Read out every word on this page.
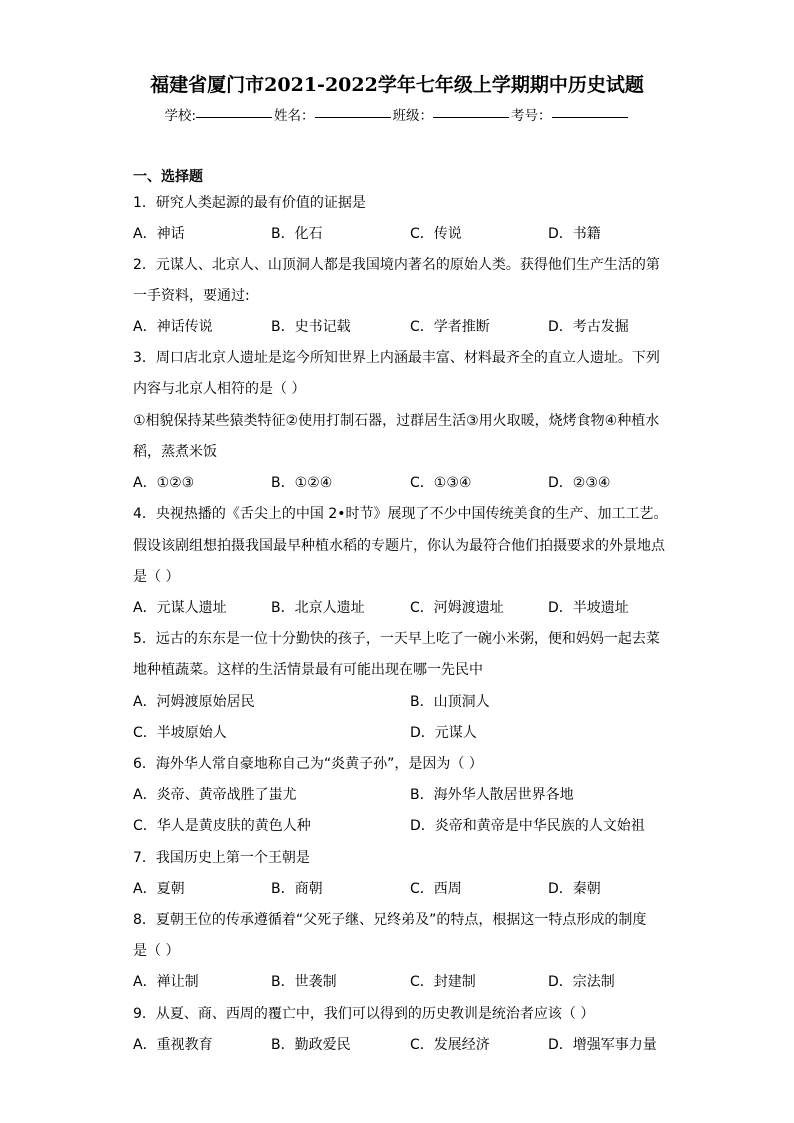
福建省厦门市2021-2022学年七年级上学期期中历史试题
学校:	姓名：	班级：	考号：
一、选择题
1．研究人类起源的最有价值的证据是
A．神话	B．化石	C．传说	D．书籍
2．元谋人、北京人、山顶洞人都是我国境内著名的原始人类。获得他们生产生活的第
一手资料，要通过:
A．神话传说	B．史书记载	C．学者推断	D．考古发掘
3．周口店北京人遗址是迄今所知世界上内涵最丰富、材料最齐全的直立人遗址。下列
内容与北京人相符的是（ ）
①相貌保持某些猿类特征②使用打制石器，过群居生活③用火取暖，烧烤食物④种植水
稻，蒸煮米饭
A．①②③	B．①②④	C．①③④	D．②③④
4．央视热播的《舌尖上的中国 2•时节》展现了不少中国传统美食的生产、加工工艺。
假设该剧组想拍摄我国最早种植水稻的专题片，你认为最符合他们拍摄要求的外景地点
是（ ）
A．元谋人遗址	B．北京人遗址	C．河姆渡遗址	D．半坡遗址
5．远古的东东是一位十分勤快的孩子，一天早上吃了一碗小米粥，便和妈妈一起去菜
地种植蔬菜。这样的生活情景最有可能出现在哪一先民中
A．河姆渡原始居民	B．山顶洞人
C．半坡原始人	D．元谋人
6．海外华人常自豪地称自己为“炎黄子孙”，是因为（ ）
A．炎帝、黄帝战胜了蚩尤	B．海外华人散居世界各地
C．华人是黄皮肤的黄色人种	D．炎帝和黄帝是中华民族的人文始祖
7．我国历史上第一个王朝是
A．夏朝	B．商朝	C．西周	D．秦朝
8．夏朝王位的传承遵循着“父死子继、兄终弟及”的特点，根据这一特点形成的制度
是（ ）
A．禅让制	B．世袭制	C．封建制	D．宗法制
9．从夏、商、西周的覆亡中，我们可以得到的历史教训是统治者应该（ ）
A．重视教育	B．勤政爱民	C．发展经济	D．增强军事力量
